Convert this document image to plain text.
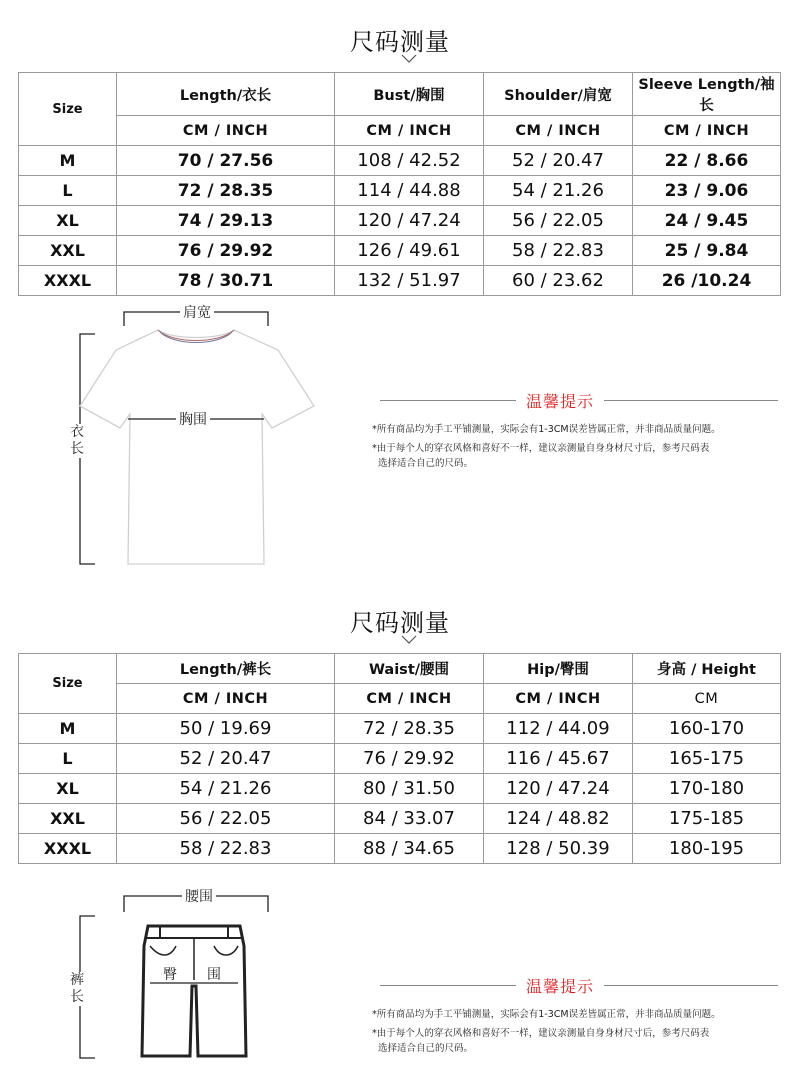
尺码测量
Size	Length/衣长	Bust/胸围	Shoulder/肩宽	Sleeve Length/袖长
	CM / INCH	CM / INCH	CM / INCH	CM / INCH
M	70 / 27.56	108 / 42.52	52 / 20.47	22 / 8.66
L	72 / 28.35	114 / 44.88	54 / 21.26	23 / 9.06
XL	74 / 29.13	120 / 47.24	56 / 22.05	24 / 9.45
XXL	76 / 29.92	126 / 49.61	58 / 22.83	25 / 9.84
XXXL	78 / 30.71	132 / 51.97	60 / 23.62	26 /10.24
肩宽
胸围
衣长
温馨提示
*所有商品均为手工平铺测量，实际会有1-3CM误差皆属正常，并非商品质量问题。
*由于每个人的穿衣风格和喜好不一样，建议亲测量自身身材尺寸后，参考尺码表
选择适合自己的尺码。
尺码测量
Size	Length/裤长	Waist/腰围	Hip/臀围	身高 / Height
	CM / INCH	CM / INCH	CM / INCH	CM
M	50 / 19.69	72 / 28.35	112 / 44.09	160-170
L	52 / 20.47	76 / 29.92	116 / 45.67	165-175
XL	54 / 21.26	80 / 31.50	120 / 47.24	170-180
XXL	56 / 22.05	84 / 33.07	124 / 48.82	175-185
XXXL	58 / 22.83	88 / 34.65	128 / 50.39	180-195
腰围
臀 围
裤长
温馨提示
*所有商品均为手工平铺测量，实际会有1-3CM误差皆属正常，并非商品质量问题。
*由于每个人的穿衣风格和喜好不一样，建议亲测量自身身材尺寸后，参考尺码表
选择适合自己的尺码。
